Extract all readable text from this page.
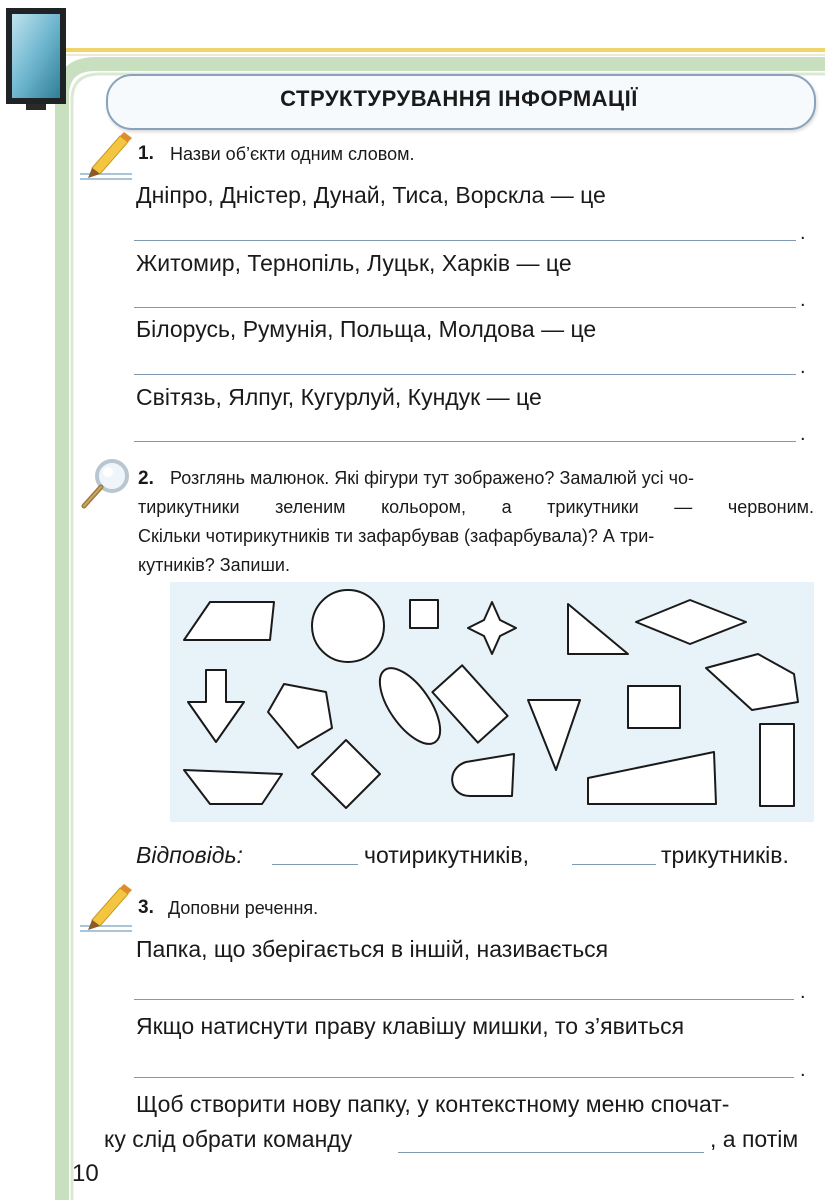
СТРУКТУРУВАННЯ ІНФОРМАЦІЇ
1. Назви об’єкти одним словом.
Дніпро, Дністер, Дунай, Тиса, Ворскла — це
.
Житомир, Тернопіль, Луцьк, Харків — це
.
Білорусь, Румунія, Польща, Молдова — це
.
Світязь, Ялпуг, Кугурлуй, Кундук — це
.
2. Розглянь малюнок. Які фігури тут зображено? Замалюй усі чо-
тирикутники зеленим кольором, а трикутники — червоним.
Скільки чотирикутників ти зафарбував (зафарбувала)? А три-
кутників? Запиши.
Відповідь:	чотирикутників,	трикутників.
3. Доповни речення.
Папка, що зберігається в іншій, називається
.
Якщо натиснути праву клавішу мишки, то з’явиться
.
Щоб створити нову папку, у контекстному меню спочат-
ку слід обрати команду	, а потім
10
